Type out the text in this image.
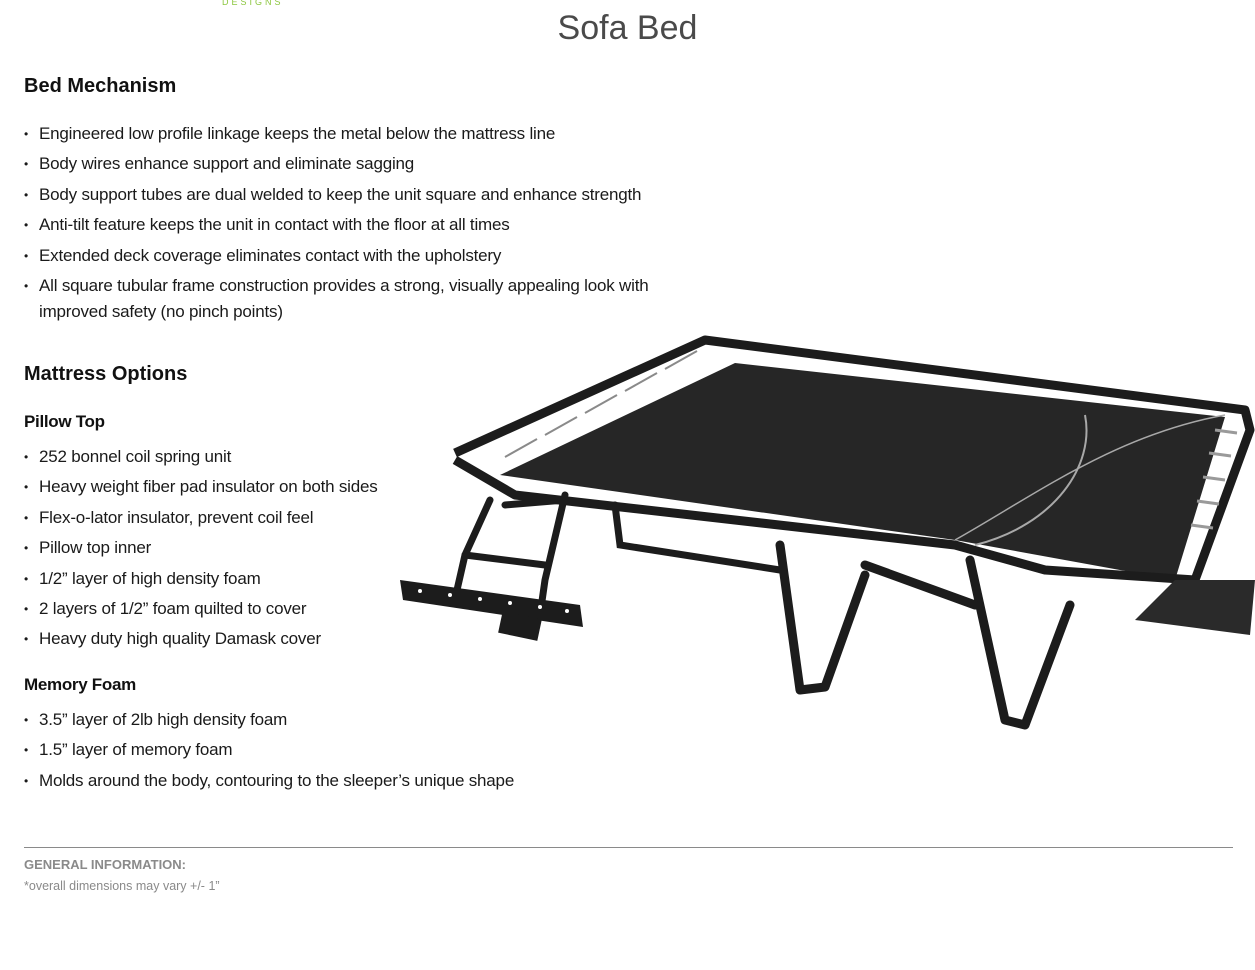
DESIGNS
Sofa Bed
Bed Mechanism
• Engineered low profile linkage keeps the metal below the mattress line
• Body wires enhance support and eliminate sagging
• Body support tubes are dual welded to keep the unit square and enhance strength
• Anti-tilt feature keeps the unit in contact with the floor at all times
• Extended deck coverage eliminates contact with the upholstery
• All square tubular frame construction provides a strong, visually appealing look with improved safety (no pinch points)
Mattress Options
Pillow Top
• 252 bonnel coil spring unit
• Heavy weight fiber pad insulator on both sides
• Flex-o-lator insulator, prevent coil feel
• Pillow top inner
• 1/2” layer of high density foam
• 2 layers of 1/2” foam quilted to cover
• Heavy duty high quality Damask cover
Memory Foam
• 3.5” layer of 2lb high density foam
• 1.5” layer of memory foam
• Molds around the body, contouring to the sleeper’s unique shape
GENERAL INFORMATION:
*overall dimensions may vary +/- 1”
